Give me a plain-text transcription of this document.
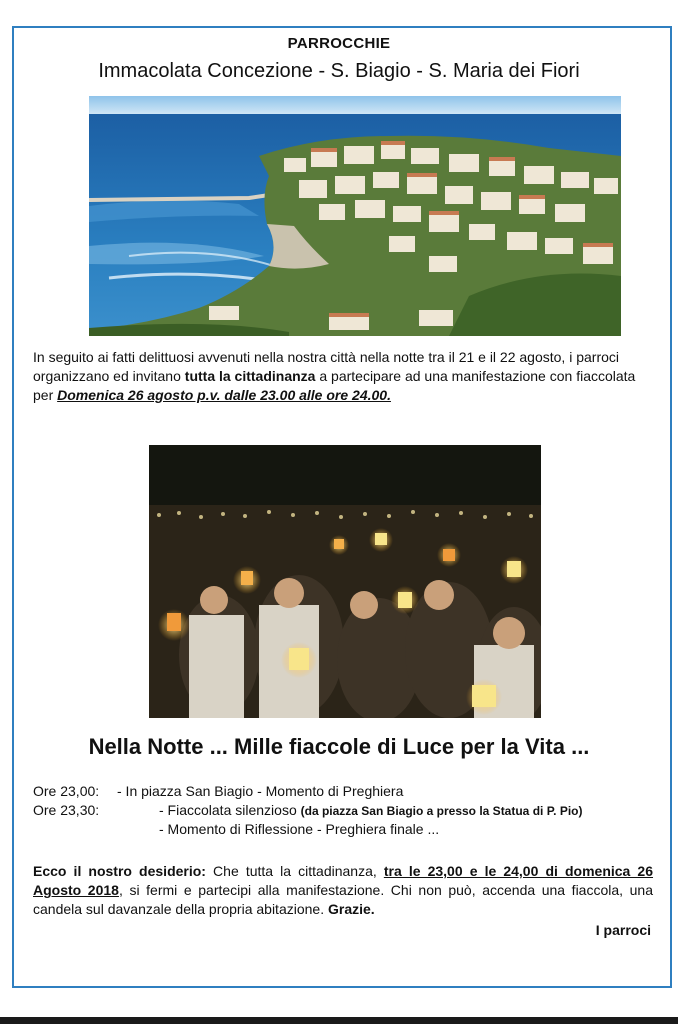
PARROCCHIE
Immacolata Concezione - S. Biagio - S. Maria dei Fiori

In seguito ai fatti delittuosi avvenuti nella nostra città nella notte tra il 21 e il 22 agosto, i parroci organizzano ed invitano tutta la cittadinanza a partecipare ad una manifestazione con fiaccolata per Domenica 26 agosto p.v. dalle 23.00 alle ore 24.00.

Nella Notte ... Mille fiaccole di Luce per la Vita ...
Ore 23,00: - In piazza San Biagio - Momento di Preghiera
Ore 23,30:	- Fiaccolata silenzioso (da piazza San Biagio a presso la Statua di P. Pio)
- Momento di Riflessione - Preghiera finale ...

Ecco il nostro desiderio: Che tutta la cittadinanza, tra le 23,00 e le 24,00 di domenica 26 Agosto 2018, si fermi e partecipi alla manifestazione. Chi non può, accenda una fiaccola, una candela sul davanzale della propria abitazione. Grazie.

I parroci
